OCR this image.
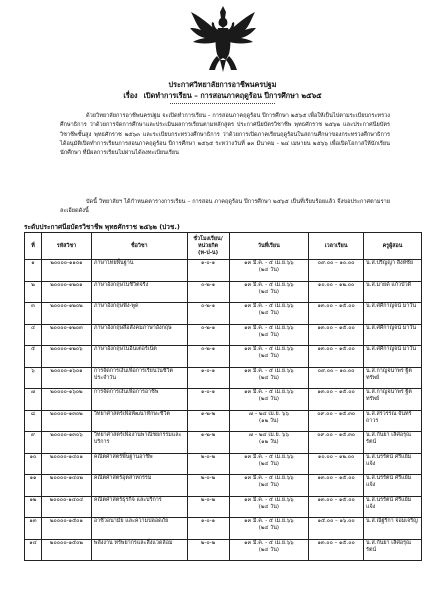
ประกาศวิทยาลัยการอาชีพนครปฐม
เรื่อง เปิดทำการเรียน – การสอนภาคฤดูร้อน ปีการศึกษา ๒๕๖๕
ด้วยวิทยาลัยการอาชีพนครปฐม จะเปิดทำการเรียน – การสอนภาคฤดูร้อน ปีการศึกษา ๒๕๖๕ เพื่อให้เป็นไปตามระเบียบกระทรวงศึกษาธิการ ว่าด้วยการจัดการศึกษาและประเมินผลการเรียนตามหลักสูตร ประกาศนียบัตรวิชาชีพ พุทธศักราช ๒๕๖๒ และประกาศนียบัตรวิชาชีพชั้นสูง พุทธศักราช ๒๕๖๓ และระเบียบกระทรวงศึกษาธิการ ว่าด้วยการเปิดภาคเรียนฤดูร้อนในสถานศึกษาของกระทรวงศึกษาธิการ ได้อนุมัติเปิดทำการเรียนการสอนภาคฤดูร้อน ปีการศึกษา ๒๕๖๕ ระหว่างวันที่ ๑๓ มีนาคม - ๒๔ เมษายน ๒๕๖๖ เพื่อเปิดโอกาสให้นักเรียน นักศึกษา ที่มีผลการเรียนไม่ผ่านได้ลงทะเบียนเรียน
บัดนี้ วิทยาลัยฯ ได้กำหนดตารางการเรียน – การสอน ภาคฤดูร้อน ปีการศึกษา ๒๕๖๕ เป็นที่เรียบร้อยแล้ว จึงขอประกาศตามรายละเอียดดังนี้
ระดับประกาศนียบัตรวิชาชีพ พุทธศักราช ๒๕๖๒ (ปวช.)
ที่	รหัสวิชา	ชื่อวิชา	ชั่วโมงเรียน/
หน่วยกิต
(ท-ป-น)	วันที่เรียน	เวลาเรียน	ครูผู้สอน
๑	๒๐๐๐๐-๑๑๐๑	ภาษาไทยพื้นฐาน	๑-๐-๑	๑๓ มี.ค. - ๕ เม.ย.๖๖
(๒๔ วัน)	๐๙.๐๐ – ๑๐.๐๐	น.ส.ปริญญา สิงห์ชัย

๒	๒๐๐๐๐-๑๒๐๑	ภาษาอังกฤษในชีวิตจริง	๐-๒-๑	๑๓ มี.ค. - ๕ เม.ย.๖๖
(๒๔ วัน)	๑๐.๐๐ – ๑๒.๐๐	น.ส.มายด์ แก้วบัวดี

๓	๒๐๐๐๐-๑๒๐๒	ภาษาอังกฤษฟัง-พูด	๐-๒-๑	๑๓ มี.ค. - ๕ เม.ย.๖๖
(๒๔ วัน)	๑๓.๐๐ – ๑๕.๐๐	น.ส.ศศิกาญจน์ มาวัน

๔	๒๐๐๐๐-๑๒๐๓	ภาษาอังกฤษสื่อสังคมภาษาอังกฤษ	๐-๒-๑	๑๓ มี.ค. - ๕ เม.ย.๖๖
(๒๔ วัน)	๑๓.๐๐ – ๑๕.๐๐	น.ส.ศศิกาญจน์ มาวัน

๕	๒๐๐๐๐-๑๒๐๖	ภาษาอังกฤษในอินเตอร์เน็ต	๐-๒-๑	๑๓ มี.ค. - ๕ เม.ย.๖๖
(๒๔ วัน)	๑๓.๐๐ – ๑๕.๐๐	น.ส.ศศิกาญจน์ มาวัน

๖	๒๐๐๐๐-๑๖๐๑	การจัดการเงินเพื่อการเรียนในชีวิตประจำวัน	๑-๐-๑	๑๓ มี.ค. - ๕ เม.ย.๖๖
(๒๔ วัน)	๐๙.๐๐ – ๑๐.๐๐	น.ส.กาญจนาพร ฐิต
ทรัพย์

๗	๒๐๐๐๐-๑๖๐๒	การจัดการเงินเพื่อการอาชีพ	๑-๐-๑	๑๓ มี.ค. - ๕ เม.ย.๖๖
(๒๔ วัน)	๑๓.๐๐ – ๑๕.๐๐	น.ส.กาญจนาพร ฐิต
ทรัพย์

๘	๒๐๐๐๐-๑๓๐๒	วิทยาศาสตร์เพื่อพัฒนาทักษะชีวิต	๑-๒-๒	๗ – ๒๔ เม.ย. ๖๖
(๑๒ วัน)	๐๙.๐๐ – ๑๕.๓๐	น.ส.สรวรรณ จันทร์ถาวร

๙	๒๐๐๐๐-๑๓๐๖	วิทยาศาสตร์เพื่องานพาณิชยกรรมและบริการ	๑-๒-๒	๗ – ๒๔ เม.ย. ๖๖
(๑๒ วัน)	๐๙.๐๐ – ๑๕.๓๐	น.ส.กันยา เลิศอรุณ
รัตน์

๑๐	๒๐๐๐๐-๑๔๐๑	คณิตศาสตร์พื้นฐานอาชีพ	๒-๐-๒	๑๓ มี.ค. - ๕ เม.ย.๖๖
(๒๔ วัน)	๑๐.๐๐ – ๑๒.๐๐	น.ส.นรรัตน์ ศรีแย้มแจ้ง

๑๑	๒๐๐๐๐-๑๔๐๒	คณิตศาสตร์อุตสาหกรรม	๒-๐-๒	๑๓ มี.ค. - ๕ เม.ย.๖๖
(๒๔ วัน)	๑๓.๐๐ – ๑๕.๐๐	น.ส.นรรัตน์ ศรีแย้มแจ้ง

๑๒	๒๐๐๐๐-๑๔๐๔	คณิตศาสตร์ธุรกิจ และบริการ	๒-๐-๒	๑๓ มี.ค. - ๕ เม.ย.๖๖
(๒๔ วัน)	๑๓.๐๐ – ๑๕.๐๐	น.ส.นรรัตน์ ศรีแย้มแจ้ง

๑๓	๒๐๐๐๐-๑๕๐๑	อาชีวอนามัย และความปลอดภัย	๑-๐-๑	๑๓ มี.ค. - ๕ เม.ย.๖๖
(๒๔ วัน)	๑๕.๐๐ – ๑๖.๐๐	น.ส.ณัฐริกา จอมเจริญ

๑๔	๒๐๐๐๐-๑๕๐๒	พลังงาน ทรัพยากรและสิ่งแวดล้อม	๒-๐-๒	๑๓ มี.ค. - ๕ เม.ย.๖๖
(๒๔ วัน)	๑๓.๐๐ – ๑๕.๐๐	น.ส.กันยา เลิศอรุณ
รัตน์
